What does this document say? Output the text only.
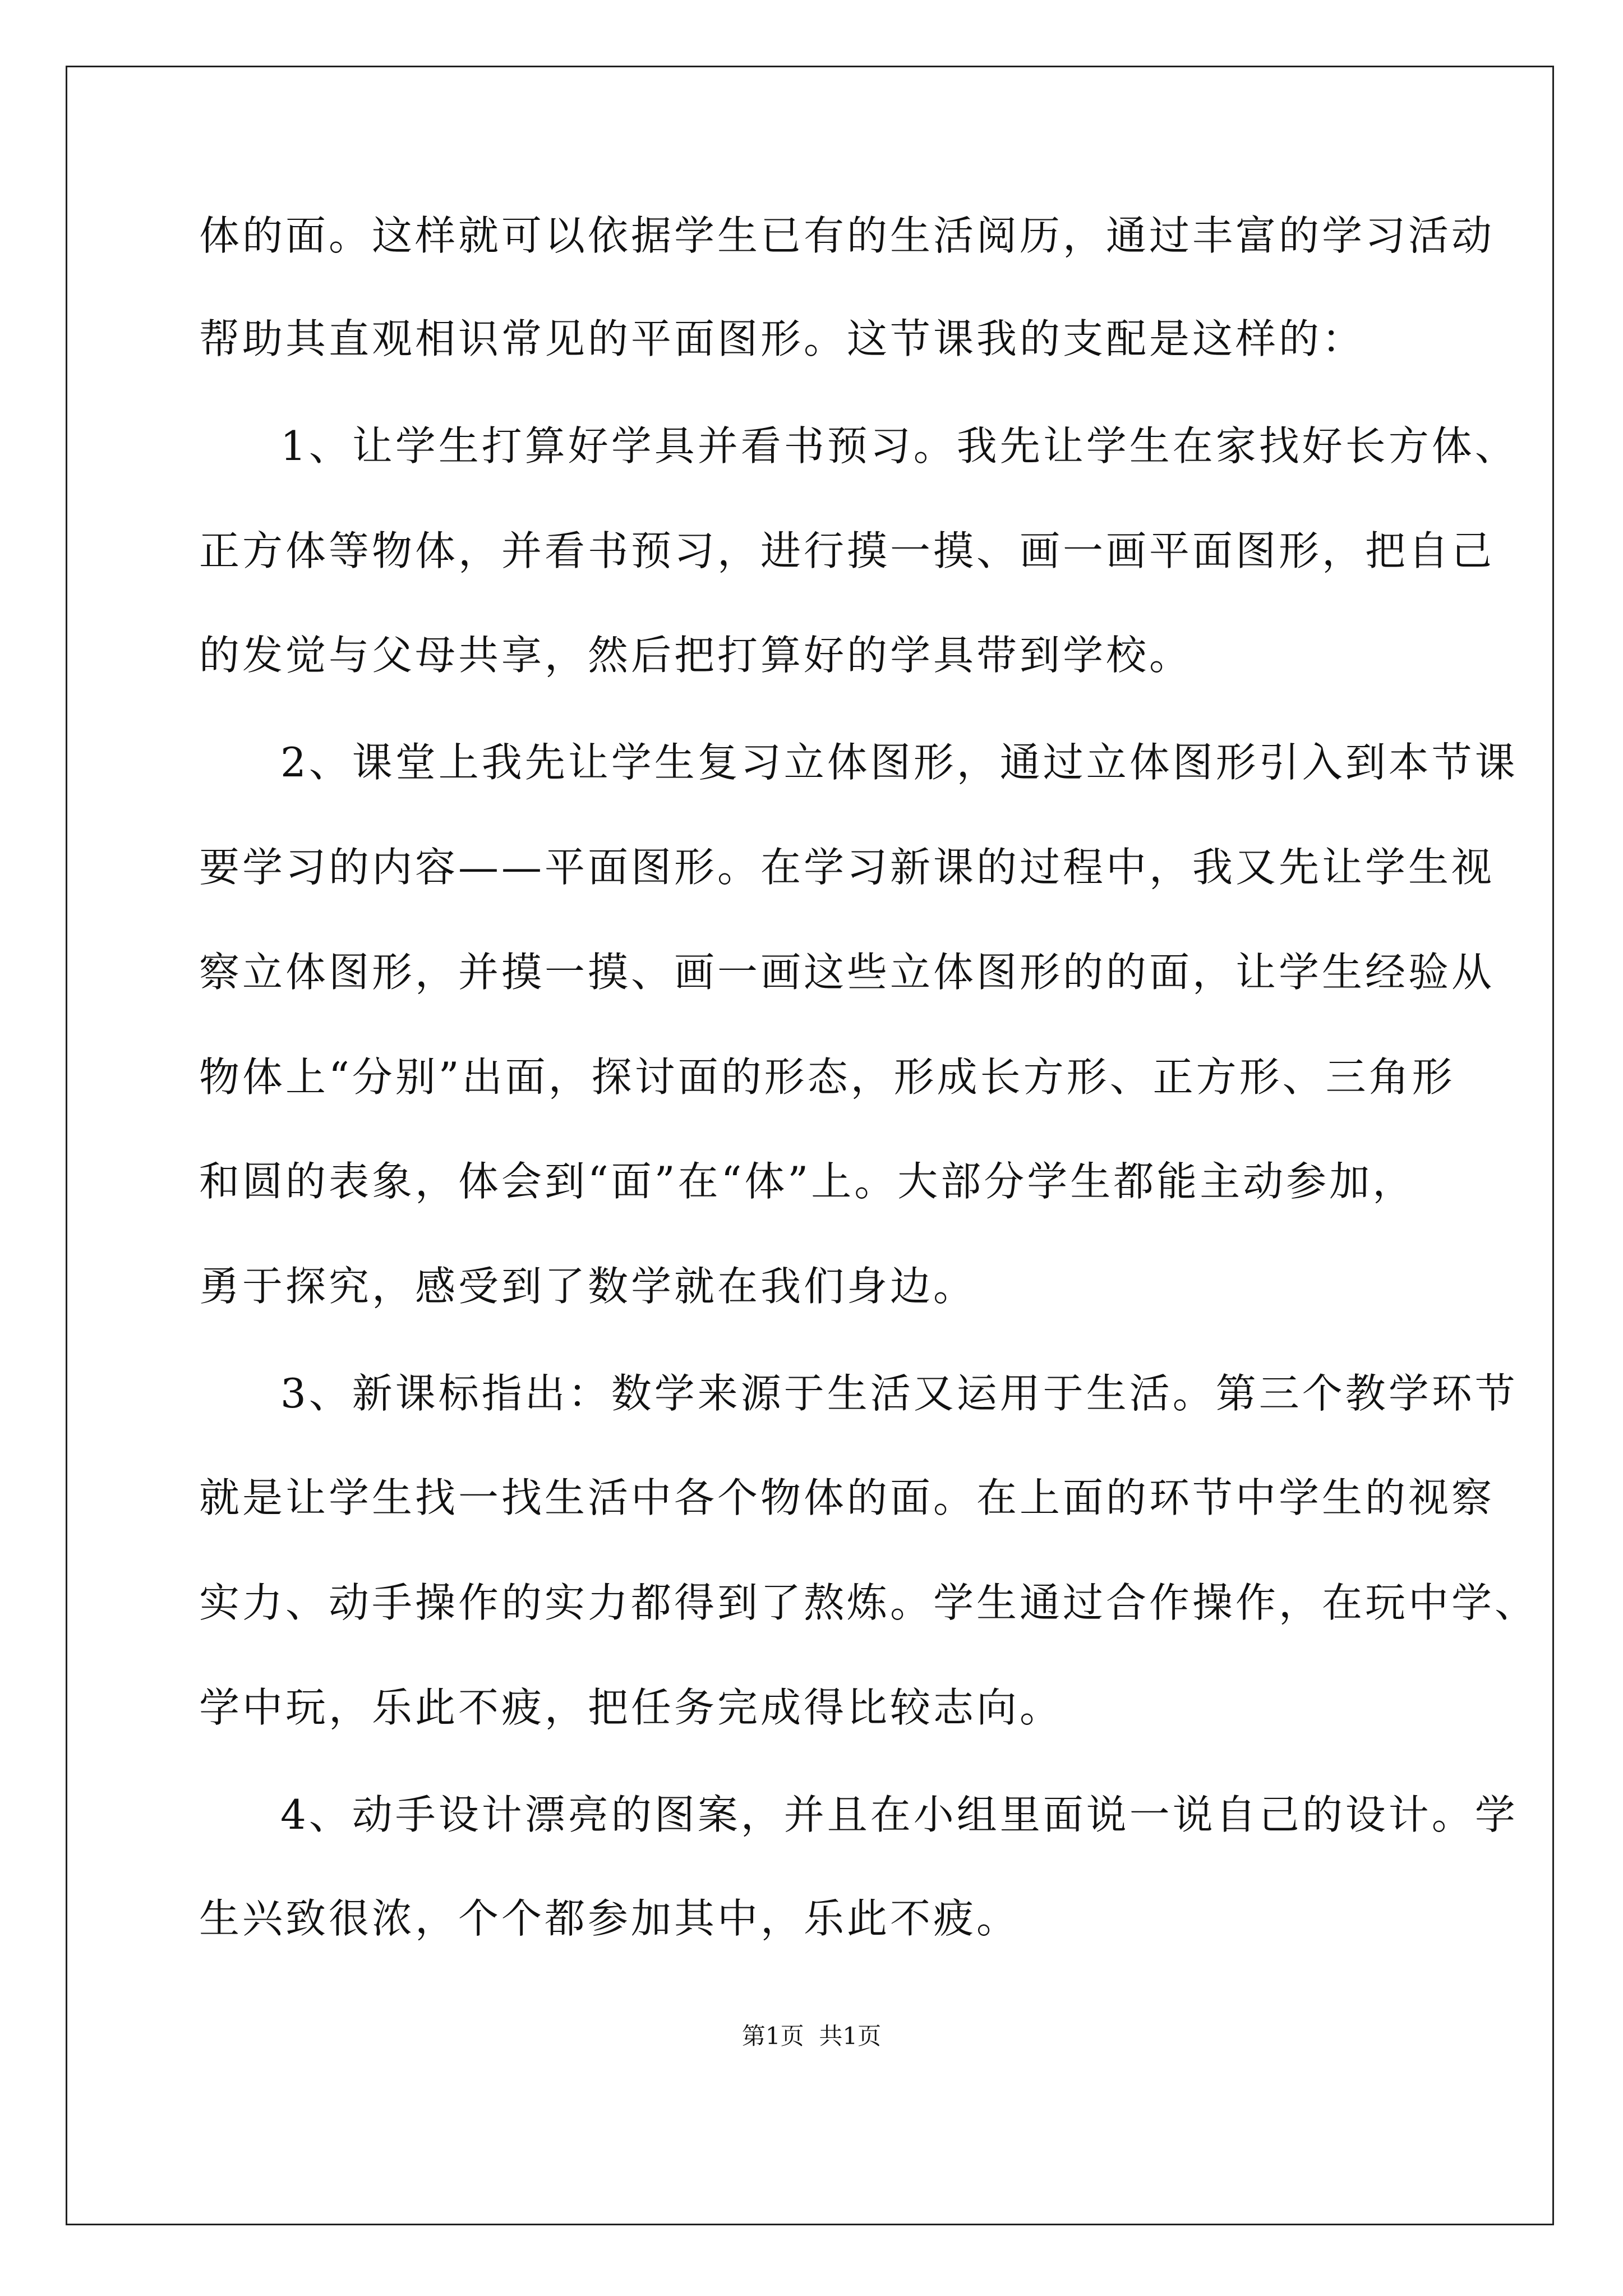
体的面。这样就可以依据学生已有的生活阅历，通过丰富的学习活动
帮助其直观相识常见的平面图形。这节课我的支配是这样的：
1、让学生打算好学具并看书预习。我先让学生在家找好长方体、
正方体等物体，并看书预习，进行摸一摸、画一画平面图形，把自己
的发觉与父母共享，然后把打算好的学具带到学校。
2、课堂上我先让学生复习立体图形，通过立体图形引入到本节课
要学习的内容——平面图形。在学习新课的过程中，我又先让学生视
察立体图形，并摸一摸、画一画这些立体图形的的面，让学生经验从
物体上“分别”出面，探讨面的形态，形成长方形、正方形、三角形
和圆的表象，体会到“面”在“体”上。大部分学生都能主动参加，
勇于探究，感受到了数学就在我们身边。
3、新课标指出：数学来源于生活又运用于生活。第三个教学环节
就是让学生找一找生活中各个物体的面。在上面的环节中学生的视察
实力、动手操作的实力都得到了熬炼。学生通过合作操作，在玩中学、
学中玩，乐此不疲，把任务完成得比较志向。
4、动手设计漂亮的图案，并且在小组里面说一说自己的设计。学
生兴致很浓，个个都参加其中，乐此不疲。
第1页  共1页
